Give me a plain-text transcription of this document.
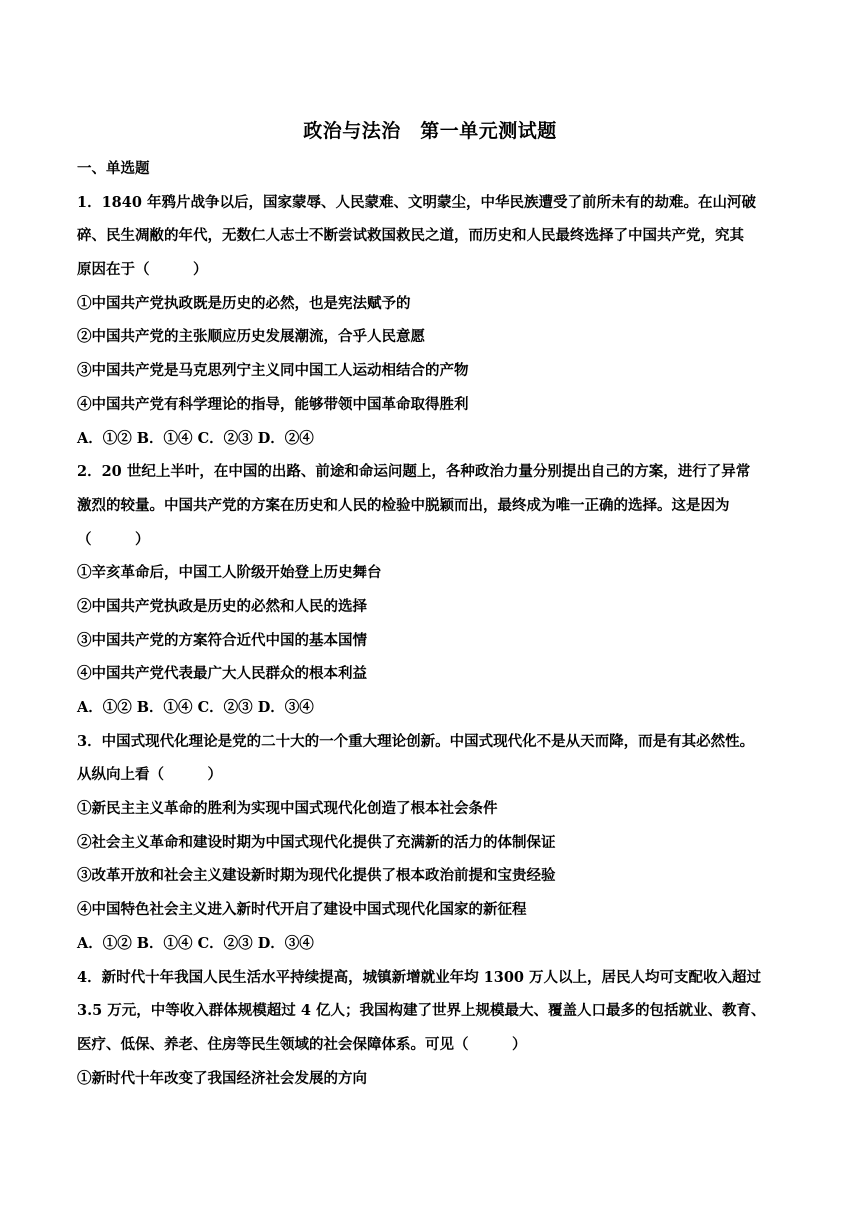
政治与法治　第一单元测试题
一、单选题
1．1840 年鸦片战争以后，国家蒙辱、人民蒙难、文明蒙尘，中华民族遭受了前所未有的劫难。在山河破
碎、民生凋敝的年代，无数仁人志士不断尝试救国救民之道，而历史和人民最终选择了中国共产党，究其
原因在于（　　　）
①中国共产党执政既是历史的必然，也是宪法赋予的
②中国共产党的主张顺应历史发展潮流，合乎人民意愿
③中国共产党是马克思列宁主义同中国工人运动相结合的产物
④中国共产党有科学理论的指导，能够带领中国革命取得胜利
A．①② B．①④ C．②③ D．②④
2．20 世纪上半叶，在中国的出路、前途和命运问题上，各种政治力量分别提出自己的方案，进行了异常
激烈的较量。中国共产党的方案在历史和人民的检验中脱颖而出，最终成为唯一正确的选择。这是因为
（　　　）
①辛亥革命后，中国工人阶级开始登上历史舞台
②中国共产党执政是历史的必然和人民的选择
③中国共产党的方案符合近代中国的基本国情
④中国共产党代表最广大人民群众的根本利益
A．①② B．①④ C．②③ D．③④
3．中国式现代化理论是党的二十大的一个重大理论创新。中国式现代化不是从天而降，而是有其必然性。
从纵向上看（　　　）
①新民主主义革命的胜利为实现中国式现代化创造了根本社会条件
②社会主义革命和建设时期为中国式现代化提供了充满新的活力的体制保证
③改革开放和社会主义建设新时期为现代化提供了根本政治前提和宝贵经验
④中国特色社会主义进入新时代开启了建设中国式现代化国家的新征程
A．①② B．①④ C．②③ D．③④
4．新时代十年我国人民生活水平持续提高，城镇新增就业年均 1300 万人以上，居民人均可支配收入超过
3.5 万元，中等收入群体规模超过 4 亿人；我国构建了世界上规模最大、覆盖人口最多的包括就业、教育、
医疗、低保、养老、住房等民生领域的社会保障体系。可见（　　　）
①新时代十年改变了我国经济社会发展的方向
